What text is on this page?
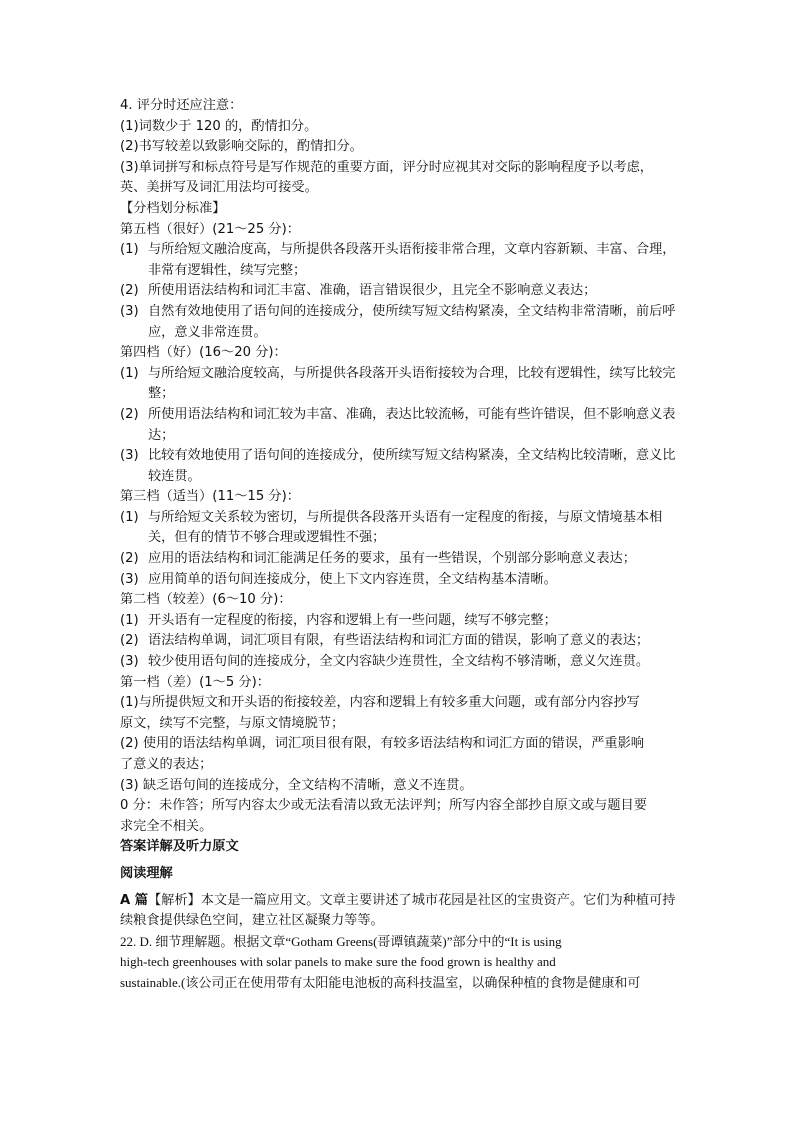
4. 评分时还应注意：
(1)词数少于 120 的，酌情扣分。
(2)书写较差以致影响交际的，酌情扣分。
(3)单词拼写和标点符号是写作规范的重要方面，评分时应视其对交际的影响程度予以考虑，
英、美拼写及词汇用法均可接受。
【分档划分标准】
第五档（很好）(21～25 分)：
(1) 与所给短文融洽度高，与所提供各段落开头语衔接非常合理，文章内容新颖、丰富、合理，非常有逻辑性，续写完整；
(2) 所使用语法结构和词汇丰富、准确，语言错误很少，且完全不影响意义表达；
(3) 自然有效地使用了语句间的连接成分，使所续写短文结构紧凑，全文结构非常清晰，前后呼应，意义非常连贯。
第四档（好）(16～20 分)：
(1) 与所给短文融洽度较高，与所提供各段落开头语衔接较为合理，比较有逻辑性，续写比较完整；
(2) 所使用语法结构和词汇较为丰富、准确，表达比较流畅，可能有些许错误，但不影响意义表达；
(3) 比较有效地使用了语句间的连接成分，使所续写短文结构紧凑，全文结构比较清晰，意义比较连贯。
第三档（适当）(11～15 分)：
(1) 与所给短文关系较为密切，与所提供各段落开头语有一定程度的衔接，与原文情境基本相关，但有的情节不够合理或逻辑性不强；
(2) 应用的语法结构和词汇能满足任务的要求，虽有一些错误，个别部分影响意义表达；
(3) 应用简单的语句间连接成分，使上下文内容连贯，全文结构基本清晰。
第二档（较差）(6～10 分)：
(1) 开头语有一定程度的衔接，内容和逻辑上有一些问题，续写不够完整；
(2) 语法结构单调，词汇项目有限，有些语法结构和词汇方面的错误，影响了意义的表达；
(3) 较少使用语句间的连接成分，全文内容缺少连贯性，全文结构不够清晰，意义欠连贯。
第一档（差）(1～5 分)：
(1)与所提供短文和开头语的衔接较差，内容和逻辑上有较多重大问题，或有部分内容抄写
原文，续写不完整，与原文情境脱节；
(2) 使用的语法结构单调，词汇项目很有限，有较多语法结构和词汇方面的错误，严重影响
了意义的表达；
(3) 缺乏语句间的连接成分，全文结构不清晰，意义不连贯。
0 分：未作答；所写内容太少或无法看清以致无法评判；所写内容全部抄自原文或与题目要
求完全不相关。
答案详解及听力原文
阅读理解
A 篇【解析】本文是一篇应用文。文章主要讲述了城市花园是社区的宝贵资产。它们为种植可持续粮食提供绿色空间，建立社区凝聚力等等。
22. D. 细节理解题。根据文章“Gotham Greens(哥谭镇蔬菜)”部分中的“It is using
high-tech greenhouses with solar panels to make sure the food grown is healthy and
sustainable.(该公司正在使用带有太阳能电池板的高科技温室，以确保种植的食物是健康和可
